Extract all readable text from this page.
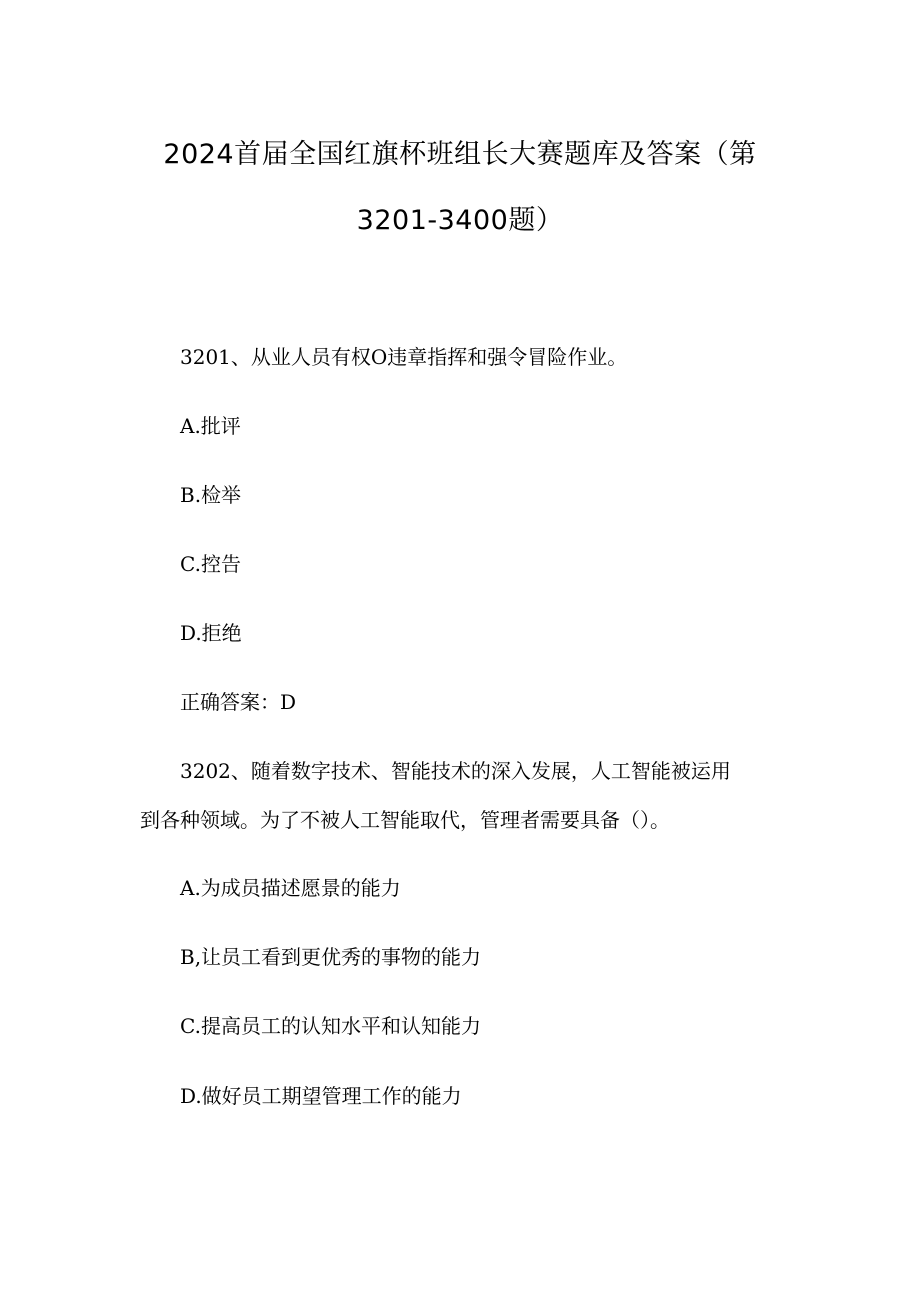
2024首届全国红旗杯班组长大赛题库及答案（第
3201-3400题）
3201、从业人员有权O违章指挥和强令冒险作业。
A.批评
B.检举
C.控告
D.拒绝
正确答案：D
3202、随着数字技术、智能技术的深入发展，人工智能被运用
到各种领域。为了不被人工智能取代，管理者需要具备（）。
A.为成员描述愿景的能力
B,让员工看到更优秀的事物的能力
C.提高员工的认知水平和认知能力
D.做好员工期望管理工作的能力
